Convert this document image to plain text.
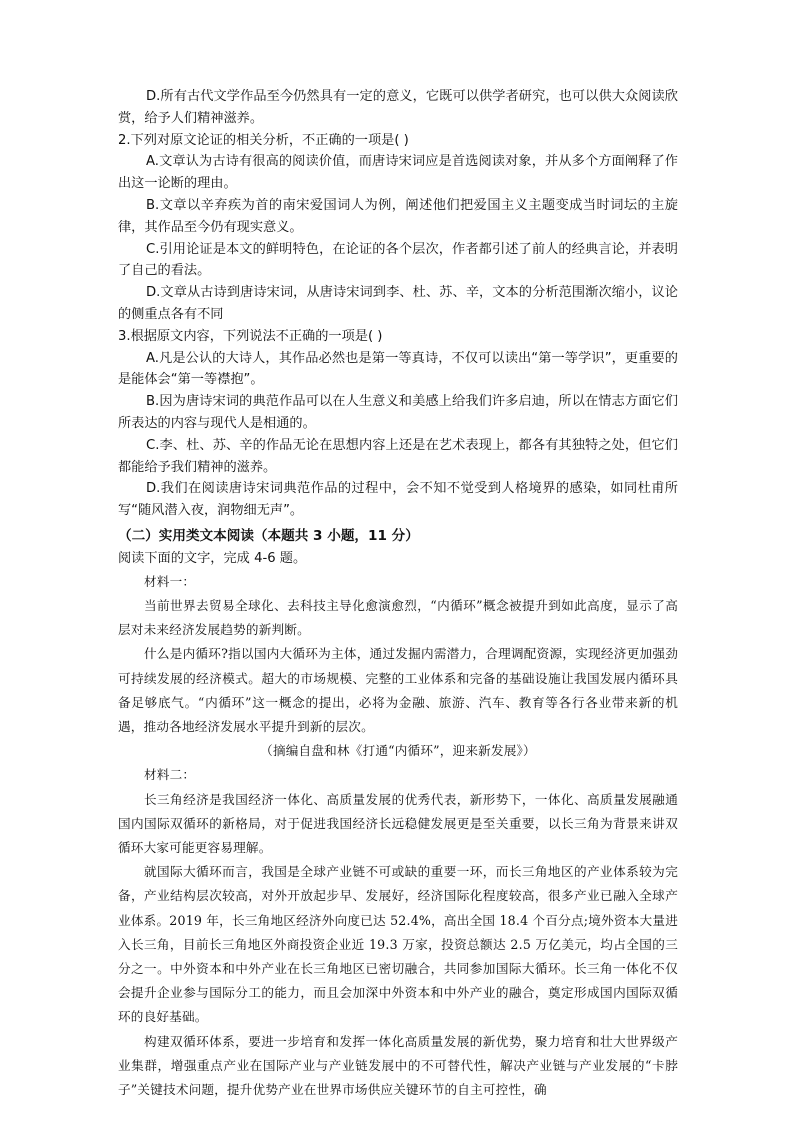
D.所有古代文学作品至今仍然具有一定的意义，它既可以供学者研究，也可以供大众阅读欣赏，给予人们精神滋养。

2.下列对原文论证的相关分析，不正确的一项是( )

A.文章认为古诗有很高的阅读价值，而唐诗宋词应是首选阅读对象，并从多个方面阐释了作出这一论断的理由。

B.文章以辛弃疾为首的南宋爱国词人为例，阐述他们把爱国主义主题变成当时词坛的主旋律，其作品至今仍有现实意义。

C.引用论证是本文的鲜明特色，在论证的各个层次，作者都引述了前人的经典言论，并表明了自己的看法。

D.文章从古诗到唐诗宋词，从唐诗宋词到李、杜、苏、辛，文本的分析范围渐次缩小，议论的侧重点各有不同

3.根据原文内容，下列说法不正确的一项是( )

A.凡是公认的大诗人，其作品必然也是第一等真诗，不仅可以读出“第一等学识”，更重要的是能体会“第一等襟抱”。

B.因为唐诗宋词的典范作品可以在人生意义和美感上给我们许多启迪，所以在情志方面它们所表达的内容与现代人是相通的。

C.李、杜、苏、辛的作品无论在思想内容上还是在艺术表现上，都各有其独特之处，但它们都能给予我们精神的滋养。

D.我们在阅读唐诗宋词典范作品的过程中，会不知不觉受到人格境界的感染，如同杜甫所写“随风潜入夜，润物细无声”。

（二）实用类文本阅读（本题共 3 小题，11 分）

阅读下面的文字，完成 4-6 题。

材料一：

当前世界去贸易全球化、去科技主导化愈演愈烈，“内循环”概念被提升到如此高度，显示了高层对未来经济发展趋势的新判断。

什么是内循环?指以国内大循环为主体，通过发掘内需潜力，合理调配资源，实现经济更加强劲可持续发展的经济模式。超大的市场规模、完整的工业体系和完备的基础设施让我国发展内循环具备足够底气。“内循环”这一概念的提出，必将为金融、旅游、汽车、教育等各行各业带来新的机遇，推动各地经济发展水平提升到新的层次。

（摘编自盘和林《打通“内循环”，迎来新发展》）

材料二：

长三角经济是我国经济一体化、高质量发展的优秀代表，新形势下，一体化、高质量发展融通国内国际双循环的新格局，对于促进我国经济长远稳健发展更是至关重要，以长三角为背景来讲双循环大家可能更容易理解。

就国际大循环而言，我国是全球产业链不可或缺的重要一环，而长三角地区的产业体系较为完备，产业结构层次较高，对外开放起步早、发展好，经济国际化程度较高，很多产业已融入全球产业体系。2019 年，长三角地区经济外向度已达 52.4%，高出全国 18.4 个百分点;境外资本大量进入长三角，目前长三角地区外商投资企业近 19.3 万家，投资总额达 2.5 万亿美元，均占全国的三分之一。中外资本和中外产业在长三角地区已密切融合，共同参加国际大循环。长三角一体化不仅会提升企业参与国际分工的能力，而且会加深中外资本和中外产业的融合，奠定形成国内国际双循环的良好基础。

构建双循环体系，要进一步培育和发挥一体化高质量发展的新优势，聚力培育和壮大世界级产业集群，增强重点产业在国际产业与产业链发展中的不可替代性，解决产业链与产业发展的“卡脖子”关键技术问题，提升优势产业在世界市场供应关键环节的自主可控性，确
